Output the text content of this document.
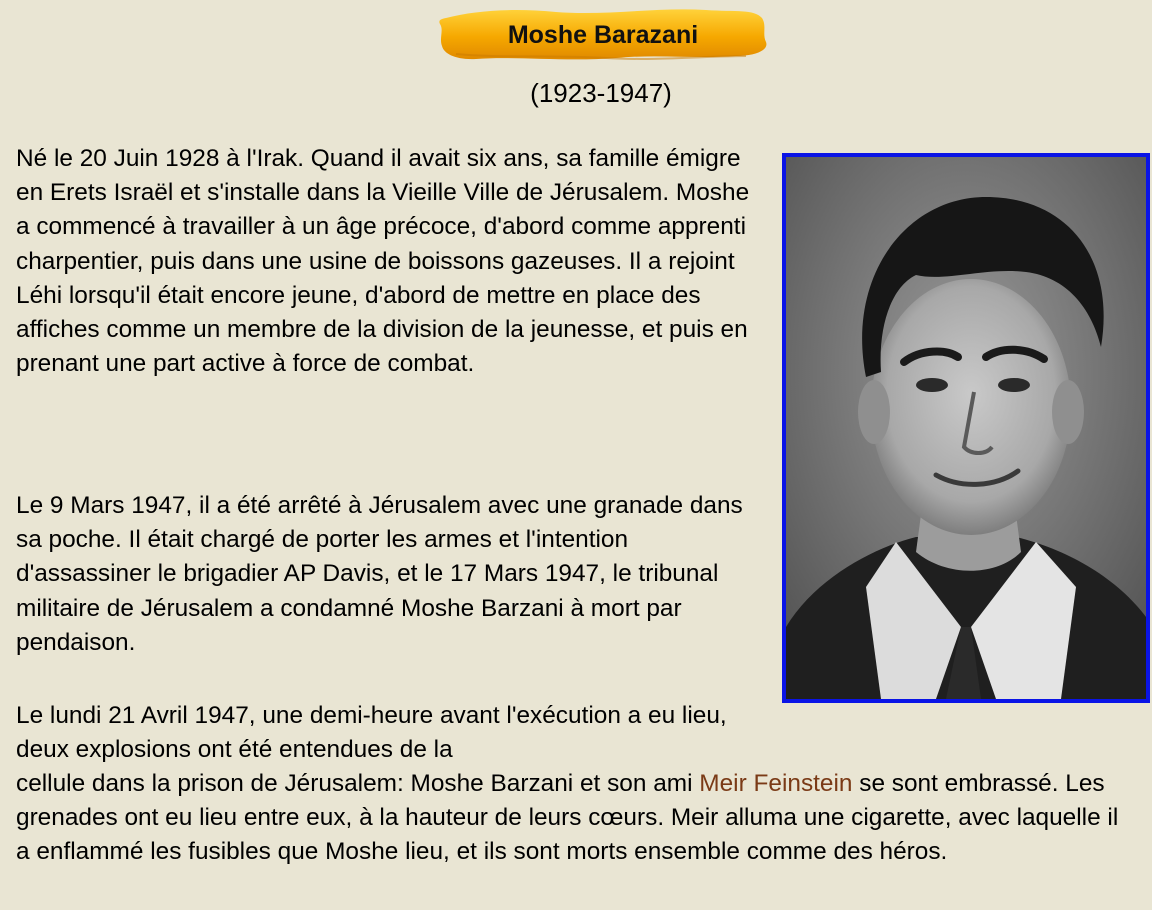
Moshe Barazani
(1923-1947)

Né le 20 Juin 1928 à l'Irak. Quand il avait six ans, sa famille émigre en Erets Israël et s'installe dans la Vieille Ville de Jérusalem. Moshe a commencé à travailler à un âge précoce, d'abord comme apprenti charpentier, puis dans une usine de boissons gazeuses. Il a rejoint Léhi lorsqu'il était encore jeune, d'abord de mettre en place des affiches comme un membre de la division de la jeunesse, et puis en prenant une part active à force de combat.

Le 9 Mars 1947, il a été arrêté à Jérusalem avec une granade dans sa poche. Il était chargé de porter les armes et l'intention d'assassiner le brigadier AP Davis, et le 17 Mars 1947, le tribunal militaire de Jérusalem a condamné Moshe Barzani à mort par pendaison.

Le lundi 21 Avril 1947, une demi-heure avant l'exécution a eu lieu, deux explosions ont été entendues de la

cellule dans la prison de Jérusalem: Moshe Barzani et son ami Meir Feinstein se sont embrassé. Les grenades ont eu lieu entre eux, à la hauteur de leurs cœurs. Meir alluma une cigarette, avec laquelle il a enflammé les fusibles que Moshe lieu, et ils sont morts ensemble comme des héros.
